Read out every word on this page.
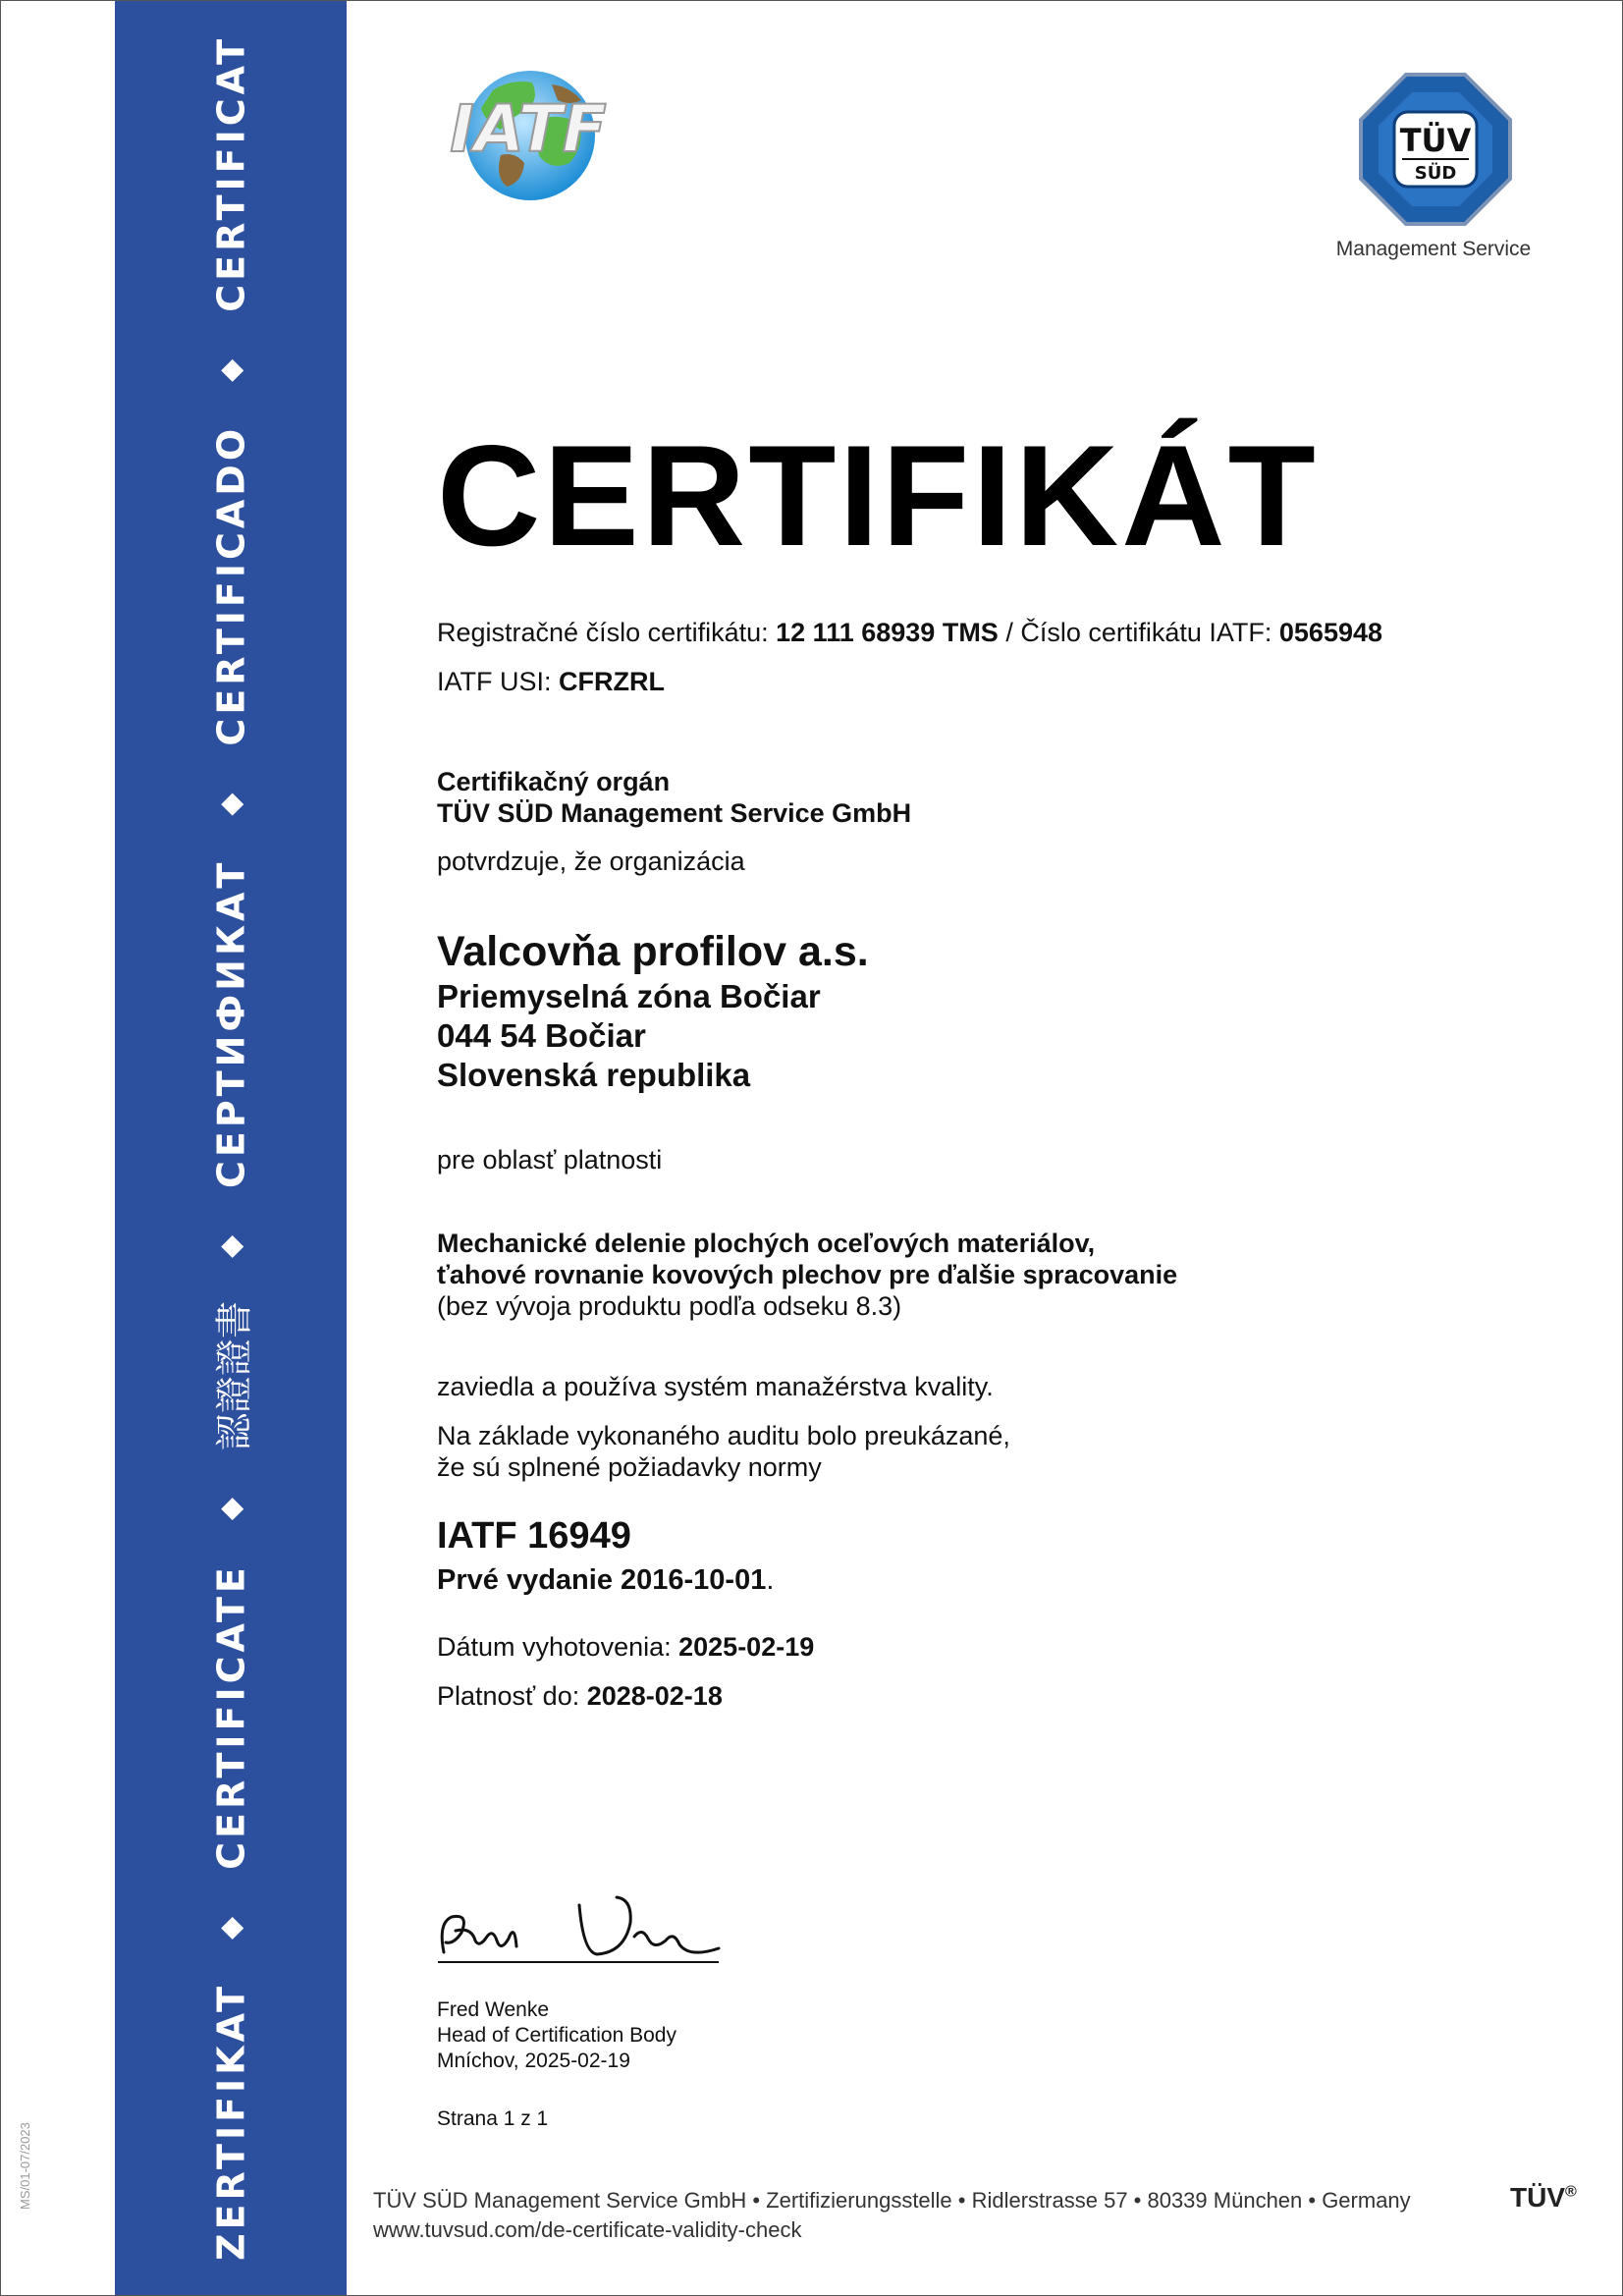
ZERTIFIKAT
◆
CERTIFICATE
◆
認證證書
◆
СЕРТИФИКАТ
◆
CERTIFICADO
◆
CERTIFICAT
MS/01-07/2023
IATF	TÜV
SÜD
Management Service
CERTIFIKÁT
Registračné číslo certifikátu: 12 111 68939 TMS / Číslo certifikátu IATF: 0565948
IATF USI: CFRZRL
Certifikačný orgán
TÜV SÜD Management Service GmbH
potvrdzuje, že organizácia
Valcovňa profilov a.s.
Priemyselná zóna Bočiar
044 54 Bočiar
Slovenská republika
pre oblasť platnosti
Mechanické delenie plochých oceľových materiálov,
ťahové rovnanie kovových plechov pre ďalšie spracovanie
(bez vývoja produktu podľa odseku 8.3)
zaviedla a používa systém manažérstva kvality.
Na základe vykonaného auditu bolo preukázané,
že sú splnené požiadavky normy
IATF 16949
Prvé vydanie 2016-10-01.
Dátum vyhotovenia: 2025-02-19
Platnosť do: 2028-02-18
Fred Wenke
Head of Certification Body
Mníchov, 2025-02-19
Strana 1 z 1
TÜV SÜD Management Service GmbH • Zertifizierungsstelle • Ridlerstrasse 57 • 80339 München • Germany
www.tuvsud.com/de-certificate-validity-check
TÜV®
